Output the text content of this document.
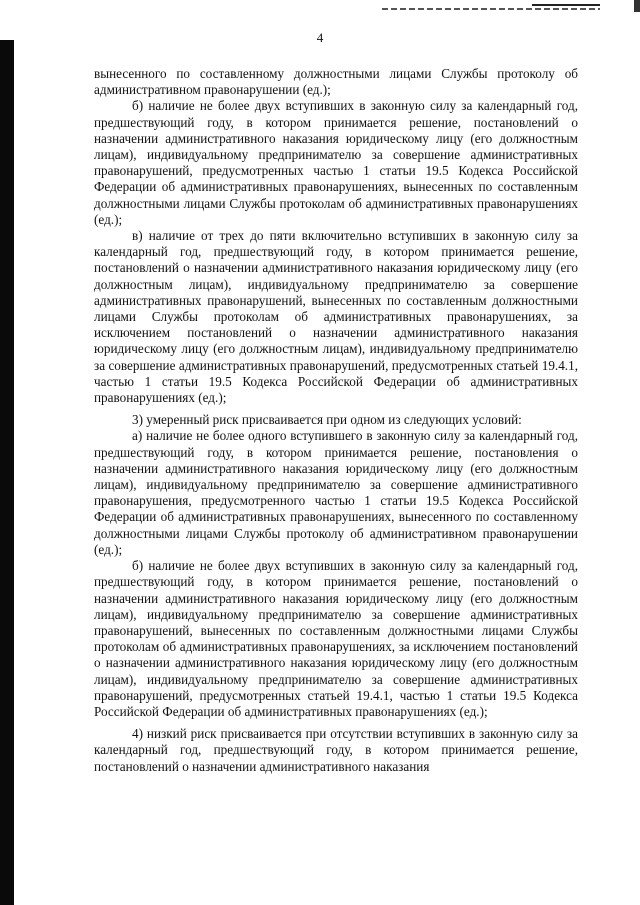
4

вынесенного по составленному должностными лицами Службы протоколу об административном правонарушении (ед.);

б) наличие не более двух вступивших в законную силу за календарный год, предшествующий году, в котором принимается решение, постановлений о назначении административного наказания юридическому лицу (его должностным лицам), индивидуальному предпринимателю за совершение административных правонарушений, предусмотренных частью 1 статьи 19.5 Кодекса Российской Федерации об административных правонарушениях, вынесенных по составленным должностными лицами Службы протоколам об административных правонарушениях (ед.);

в) наличие от трех до пяти включительно вступивших в законную силу за календарный год, предшествующий году, в котором принимается решение, постановлений о назначении административного наказания юридическому лицу (его должностным лицам), индивидуальному предпринимателю за совершение административных правонарушений, вынесенных по составленным должностными лицами Службы протоколам об административных правонарушениях, за исключением постановлений о назначении административного наказания юридическому лицу (его должностным лицам), индивидуальному предпринимателю за совершение административных правонарушений, предусмотренных статьей 19.4.1, частью 1 статьи 19.5 Кодекса Российской Федерации об административных правонарушениях (ед.);

3) умеренный риск присваивается при одном из следующих условий:

а) наличие не более одного вступившего в законную силу за календарный год, предшествующий году, в котором принимается решение, постановления о назначении административного наказания юридическому лицу (его должностным лицам), индивидуальному предпринимателю за совершение административного правонарушения, предусмотренного частью 1 статьи 19.5 Кодекса Российской Федерации об административных правонарушениях, вынесенного по составленному должностными лицами Службы протоколу об административном правонарушении (ед.);

б) наличие не более двух вступивших в законную силу за календарный год, предшествующий году, в котором принимается решение, постановлений о назначении административного наказания юридическому лицу (его должностным лицам), индивидуальному предпринимателю за совершение административных правонарушений, вынесенных по составленным должностными лицами Службы протоколам об административных правонарушениях, за исключением постановлений о назначении административного наказания юридическому лицу (его должностным лицам), индивидуальному предпринимателю за совершение административных правонарушений, предусмотренных статьей 19.4.1, частью 1 статьи 19.5 Кодекса Российской Федерации об административных правонарушениях (ед.);

4) низкий риск присваивается при отсутствии вступивших в законную силу за календарный год, предшествующий году, в котором принимается решение, постановлений о назначении административного наказания
